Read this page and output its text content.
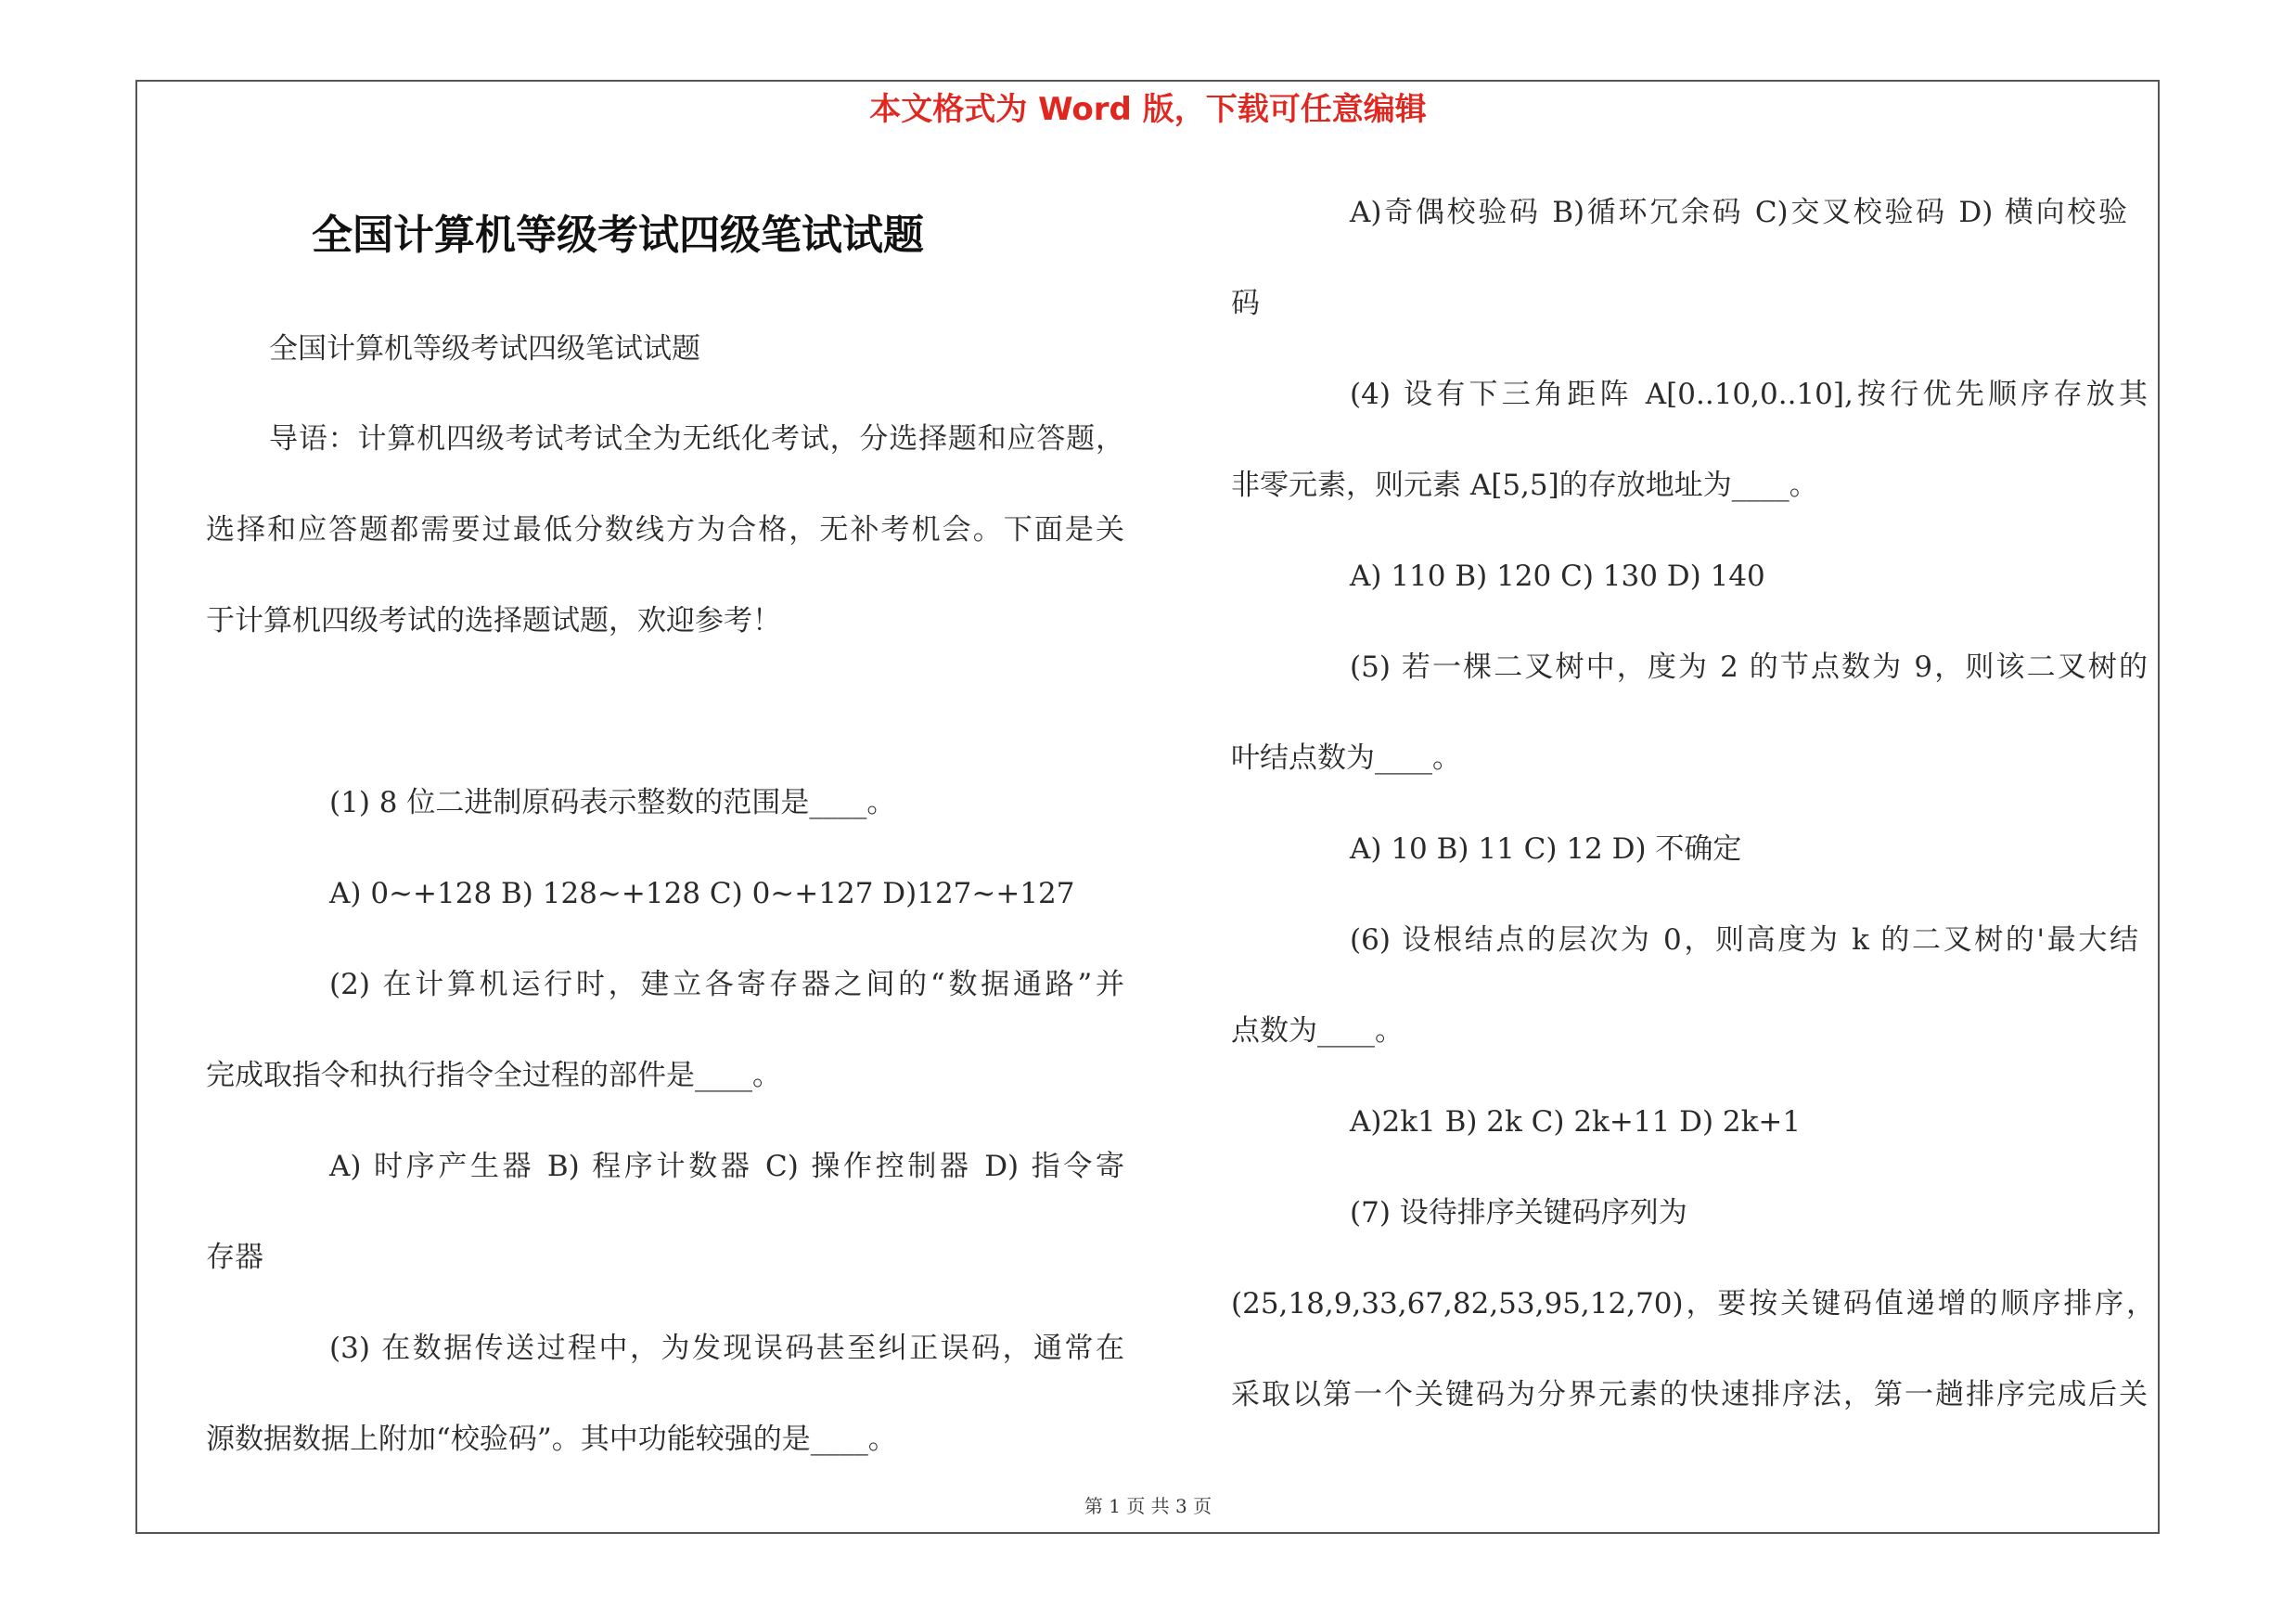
本文格式为 Word 版，下载可任意编辑
全国计算机等级考试四级笔试试题
全国计算机等级考试四级笔试试题
导语：计算机四级考试考试全为无纸化考试，分选择题和应答题，
选择和应答题都需要过最低分数线方为合格，无补考机会。下面是关
于计算机四级考试的选择题试题，欢迎参考！
(1) 8 位二进制原码表示整数的范围是____。
A) 0~+128 B) 128~+128 C) 0~+127 D)127~+127
(2) 在计算机运行时，建立各寄存器之间的“数据通路”并
完成取指令和执行指令全过程的部件是____。
A) 时序产生器 B) 程序计数器 C) 操作控制器 D) 指令寄
存器
(3) 在数据传送过程中，为发现误码甚至纠正误码，通常在
源数据数据上附加“校验码”。其中功能较强的是____。
A)奇偶校验码 B)循环冗余码 C)交叉校验码 D) 横向校验
码
(4) 设有下三角距阵 A[0..10,0..10],按行优先顺序存放其
非零元素，则元素 A[5,5]的存放地址为____。
A) 110 B) 120 C) 130 D) 140
(5) 若一棵二叉树中，度为 2 的节点数为 9，则该二叉树的
叶结点数为____。
A) 10 B) 11 C) 12 D) 不确定
(6) 设根结点的层次为 0，则高度为 k 的二叉树的'最大结
点数为____。
A)2k1 B) 2k C) 2k+11 D) 2k+1
(7) 设待排序关键码序列为
(25,18,9,33,67,82,53,95,12,70)，要按关键码值递增的顺序排序，
采取以第一个关键码为分界元素的快速排序法，第一趟排序完成后关
第 1 页 共 3 页
